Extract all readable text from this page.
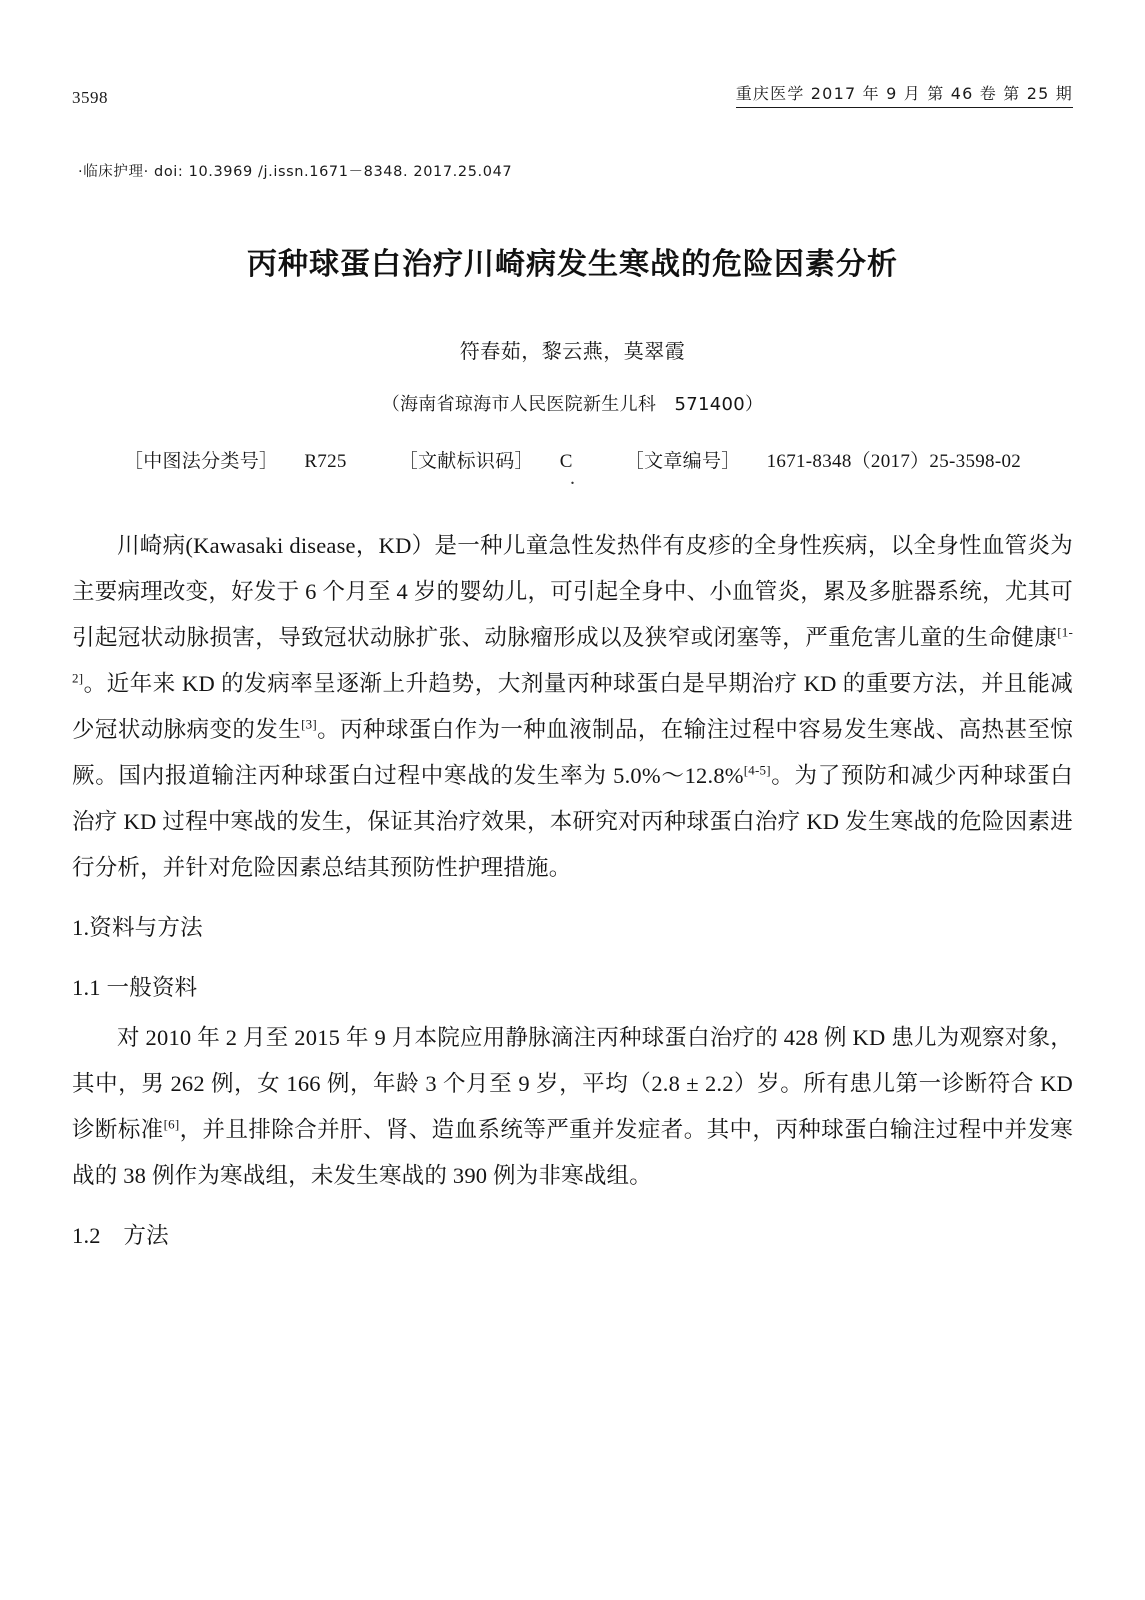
3598	重庆医学 2017 年 9 月 第 46 卷 第 25 期
·临床护理· doi: 10.3969 /j.issn.1671－8348. 2017.25.047
丙种球蛋白治疗川崎病发生寒战的危险因素分析
符春茹，黎云燕，莫翠霞
（海南省琼海市人民医院新生儿科　571400）
［中图法分类号］ R725	［文献标识码］ C	［文章编号］ 1671-8348（2017）25-3598-02
.

川崎病(Kawasaki disease，KD）是一种儿童急性发热伴有皮疹的全身性疾病，以全身性血管炎为主要病理改变，好发于 6 个月至 4 岁的婴幼儿，可引起全身中、小血管炎，累及多脏器系统，尤其可引起冠状动脉损害，导致冠状动脉扩张、动脉瘤形成以及狭窄或闭塞等，严重危害儿童的生命健康[1-2]。近年来 KD 的发病率呈逐渐上升趋势，大剂量丙种球蛋白是早期治疗 KD 的重要方法，并且能减少冠状动脉病变的发生[3]。丙种球蛋白作为一种血液制品，在输注过程中容易发生寒战、高热甚至惊厥。国内报道输注丙种球蛋白过程中寒战的发生率为 5.0%～12.8%[4-5]。为了预防和减少丙种球蛋白治疗 KD 过程中寒战的发生，保证其治疗效果，本研究对丙种球蛋白治疗 KD 发生寒战的危险因素进行分析，并针对危险因素总结其预防性护理措施。

1.资料与方法
1.1 一般资料

对 2010 年 2 月至 2015 年 9 月本院应用静脉滴注丙种球蛋白治疗的 428 例 KD 患儿为观察对象，其中，男 262 例，女 166 例，年龄 3 个月至 9 岁，平均（2.8 ± 2.2）岁。所有患儿第一诊断符合 KD 诊断标准[6]，并且排除合并肝、肾、造血系统等严重并发症者。其中，丙种球蛋白输注过程中并发寒战的 38 例作为寒战组，未发生寒战的 390 例为非寒战组。

1.2　方法
